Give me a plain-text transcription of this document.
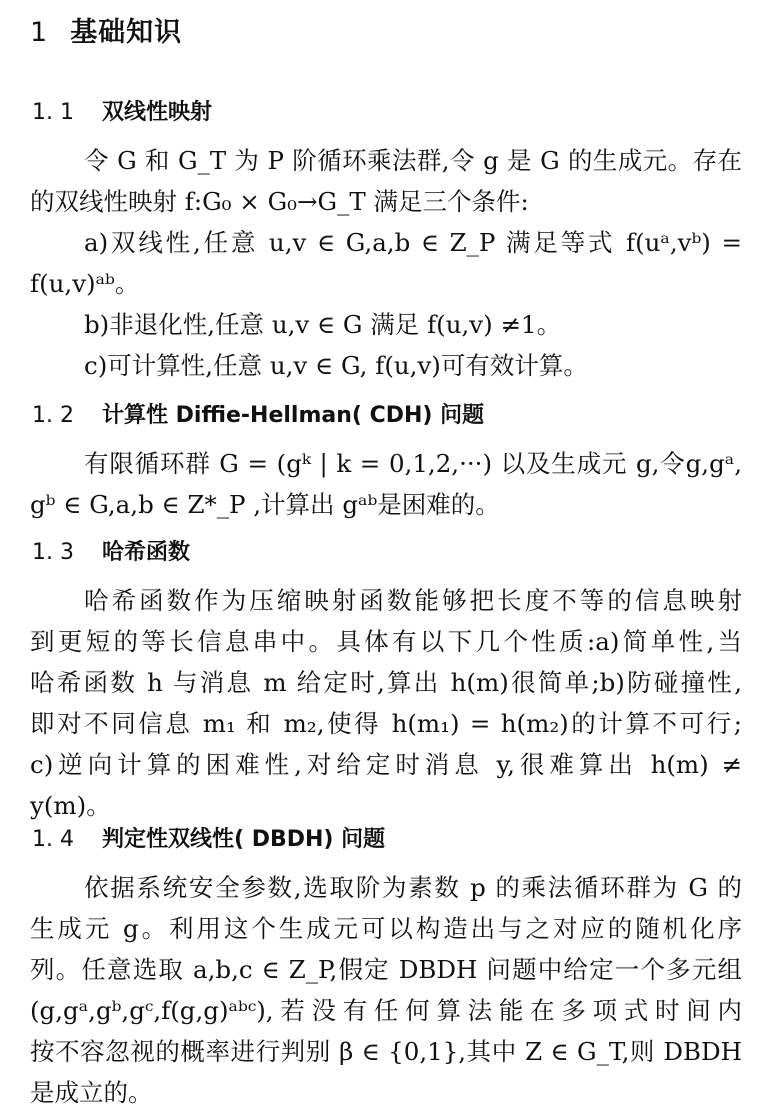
1 基础知识
1. 1 双线性映射
令 G 和 G_T 为 P 阶循环乘法群,令 g 是 G 的生成元。存在
的双线性映射 f:G₀ × G₀→G_T 满足三个条件:
a)双线性,任意 u,v ∈ G,a,b ∈ Z_P 满足等式 f(uᵃ,vᵇ) =
f(u,v)ᵃᵇ。
b)非退化性,任意 u,v ∈ G 满足 f(u,v) ≠1。
c)可计算性,任意 u,v ∈ G, f(u,v)可有效计算。
1. 2 计算性 Diffie-Hellman( CDH) 问题
有限循环群 G = (gᵏ | k = 0,1,2,···) 以及生成元 g,令g,gᵃ,
gᵇ ∈ G,a,b ∈ Z*_P ,计算出 gᵃᵇ是困难的。
1. 3 哈希函数
哈希函数作为压缩映射函数能够把长度不等的信息映射
到更短的等长信息串中。具体有以下几个性质:a)简单性,当
哈希函数 h 与消息 m 给定时,算出 h(m)很简单;b)防碰撞性,
即对不同信息 m₁ 和 m₂,使得 h(m₁) = h(m₂)的计算不可行;
c)逆向计算的困难性,对给定时消息 y,很难算出 h(m) ≠
y(m)。
1. 4 判定性双线性( DBDH) 问题
依据系统安全参数,选取阶为素数 p 的乘法循环群为 G 的
生成元 g。利用这个生成元可以构造出与之对应的随机化序
列。任意选取 a,b,c ∈ Z_P,假定 DBDH 问题中给定一个多元组
(g,gᵃ,gᵇ,gᶜ,f(g,g)ᵃᵇᶜ),若没有任何算法能在多项式时间内
按不容忽视的概率进行判别 β ∈ {0,1},其中 Z ∈ G_T,则 DBDH
是成立的。
